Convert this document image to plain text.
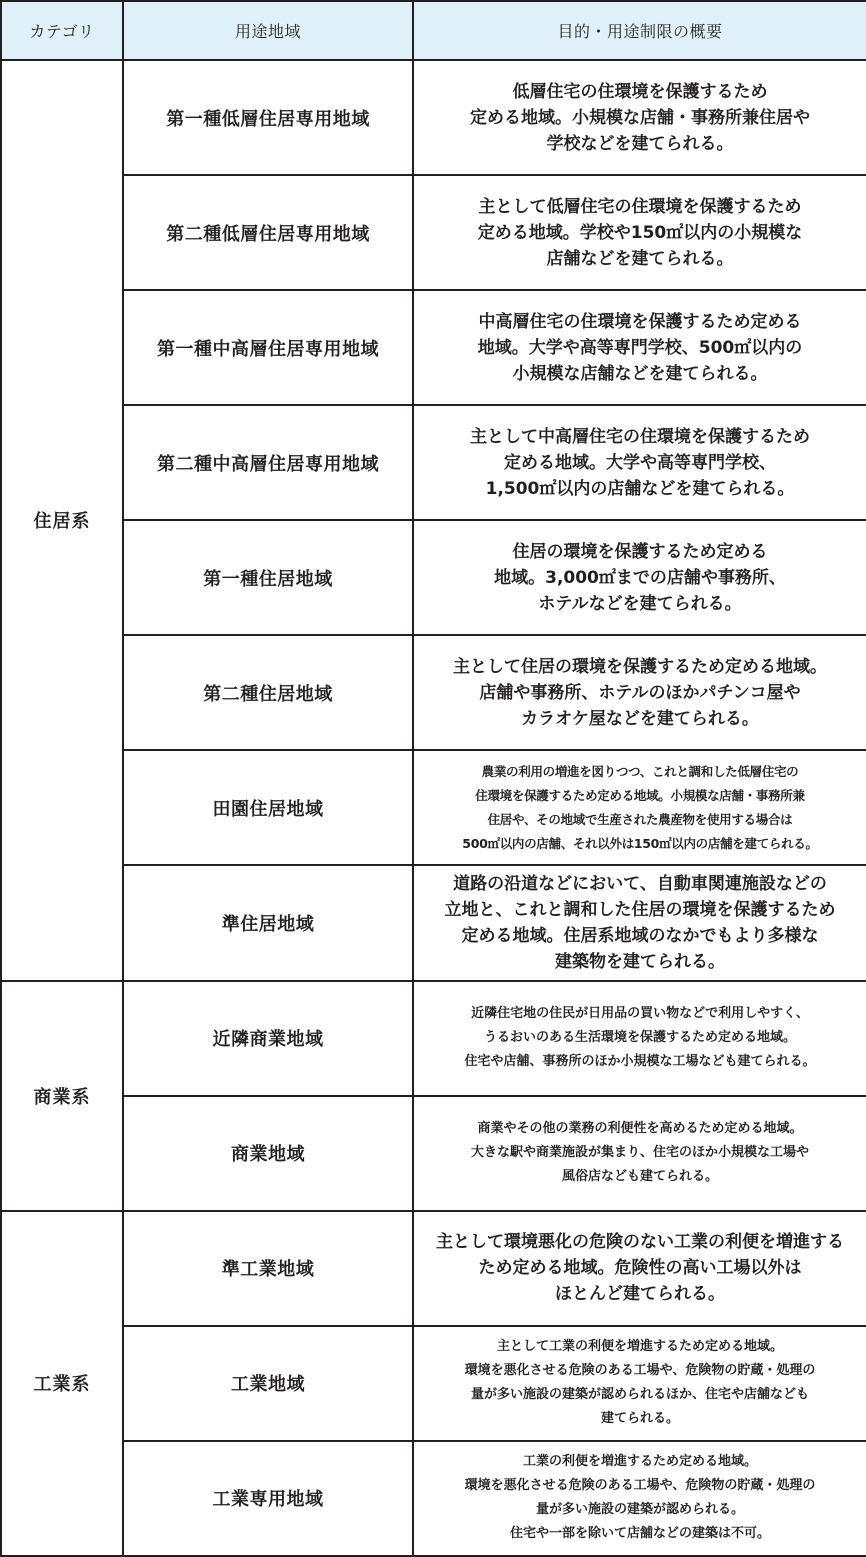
カテゴリ	用途地域	目的・用途制限の概要
住居系	第一種低層住居専用地域	低層住宅の住環境を保護するため
定める地域。小規模な店舗・事務所兼住居や
学校などを建てられる。

	第二種低層住居専用地域	主として低層住宅の住環境を保護するため
定める地域。学校や150㎡以内の小規模な
店舗などを建てられる。

	第一種中高層住居専用地域	中高層住宅の住環境を保護するため定める
地域。大学や高等専門学校、500㎡以内の
小規模な店舗などを建てられる。

	第二種中高層住居専用地域	主として中高層住宅の住環境を保護するため
定める地域。大学や高等専門学校、
1,500㎡以内の店舗などを建てられる。

	第一種住居地域	住居の環境を保護するため定める
地域。3,000㎡までの店舗や事務所、
ホテルなどを建てられる。

	第二種住居地域	主として住居の環境を保護するため定める地域。
店舗や事務所、ホテルのほかパチンコ屋や
カラオケ屋などを建てられる。

	田園住居地域	農業の利用の増進を図りつつ、これと調和した低層住宅の
住環境を保護するため定める地域。小規模な店舗・事務所兼
住居や、その地域で生産された農産物を使用する場合は
500㎡以内の店舗、それ以外は150㎡以内の店舗を建てられる。

	準住居地域	道路の沿道などにおいて、自動車関連施設などの
立地と、これと調和した住居の環境を保護するため
定める地域。住居系地域のなかでもより多様な
建築物を建てられる。

商業系	近隣商業地域	近隣住宅地の住民が日用品の買い物などで利用しやすく、
うるおいのある生活環境を保護するため定める地域。
住宅や店舗、事務所のほか小規模な工場なども建てられる。

	商業地域	商業やその他の業務の利便性を高めるため定める地域。
大きな駅や商業施設が集まり、住宅のほか小規模な工場や
風俗店なども建てられる。

工業系	準工業地域	主として環境悪化の危険のない工業の利便を増進する
ため定める地域。危険性の高い工場以外は
ほとんど建てられる。

	工業地域	主として工業の利便を増進するため定める地域。
環境を悪化させる危険のある工場や、危険物の貯蔵・処理の
量が多い施設の建築が認められるほか、住宅や店舗なども
建てられる。

	工業専用地域	工業の利便を増進するため定める地域。
環境を悪化させる危険のある工場や、危険物の貯蔵・処理の
量が多い施設の建築が認められる。
住宅や一部を除いて店舗などの建築は不可。
